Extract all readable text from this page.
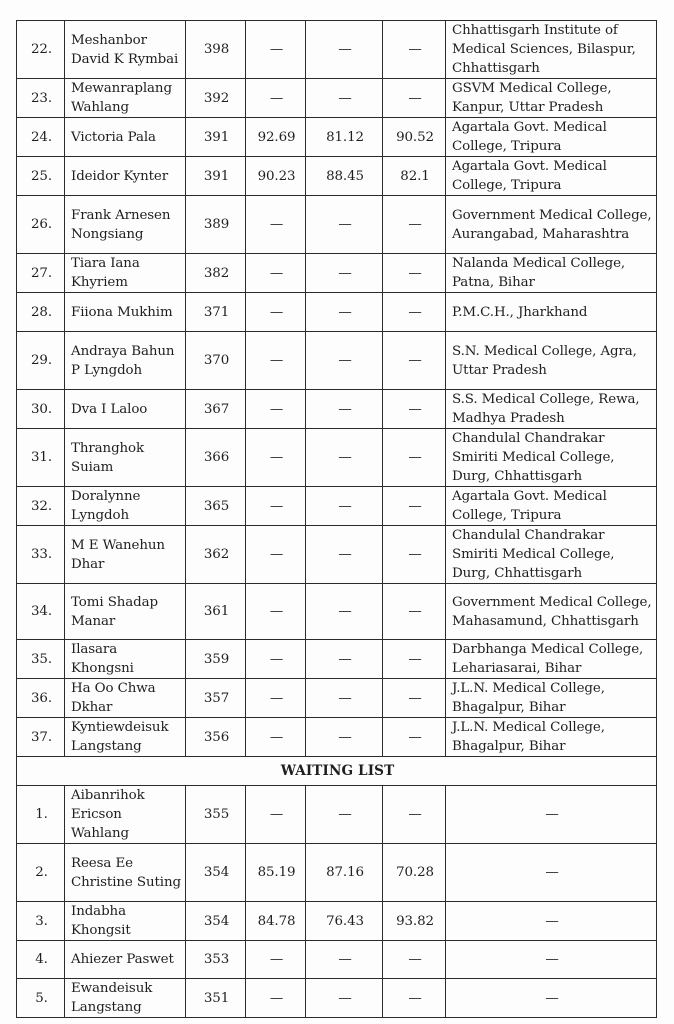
22.	Meshanbor David K Rymbai	398	—	—	—	Chhattisgarh Institute of Medical Sciences, Bilaspur, Chhattisgarh
23.	Mewanraplang Wahlang	392	—	—	—	GSVM Medical College, Kanpur, Uttar Pradesh
24.	Victoria Pala	391	92.69	81.12	90.52	Agartala Govt. Medical College, Tripura
25.	Ideidor Kynter	391	90.23	88.45	82.1	Agartala Govt. Medical College, Tripura
26.	Frank Arnesen Nongsiang	389	—	—	—	Government Medical College, Aurangabad, Maharashtra
27.	Tiara Iana Khyriem	382	—	—	—	Nalanda Medical College, Patna, Bihar
28.	Fiiona Mukhim	371	—	—	—	P.M.C.H., Jharkhand
29.	Andraya Bahun P Lyngdoh	370	—	—	—	S.N. Medical College, Agra, Uttar Pradesh
30.	Dva I Laloo	367	—	—	—	S.S. Medical College, Rewa, Madhya Pradesh
31.	Thranghok Suiam	366	—	—	—	Chandulal Chandrakar Smiriti Medical College, Durg, Chhattisgarh
32.	Doralynne Lyngdoh	365	—	—	—	Agartala Govt. Medical College, Tripura
33.	M E Wanehun Dhar	362	—	—	—	Chandulal Chandrakar Smiriti Medical College, Durg, Chhattisgarh
34.	Tomi Shadap Manar	361	—	—	—	Government Medical College, Mahasamund, Chhattisgarh
35.	Ilasara Khongsni	359	—	—	—	Darbhanga Medical College, Lehariasarai, Bihar
36.	Ha Oo Chwa Dkhar	357	—	—	—	J.L.N. Medical College, Bhagalpur, Bihar
37.	Kyntiewdeisuk Langstang	356	—	—	—	J.L.N. Medical College, Bhagalpur, Bihar
WAITING LIST						
1.	Aibanrihok Ericson Wahlang	355	—	—	—	—
2.	Reesa Ee Christine Suting	354	85.19	87.16	70.28	—
3.	Indabha Khongsit	354	84.78	76.43	93.82	—
4.	Ahiezer Paswet	353	—	—	—	—
5.	Ewandeisuk Langstang	351	—	—	—	—
